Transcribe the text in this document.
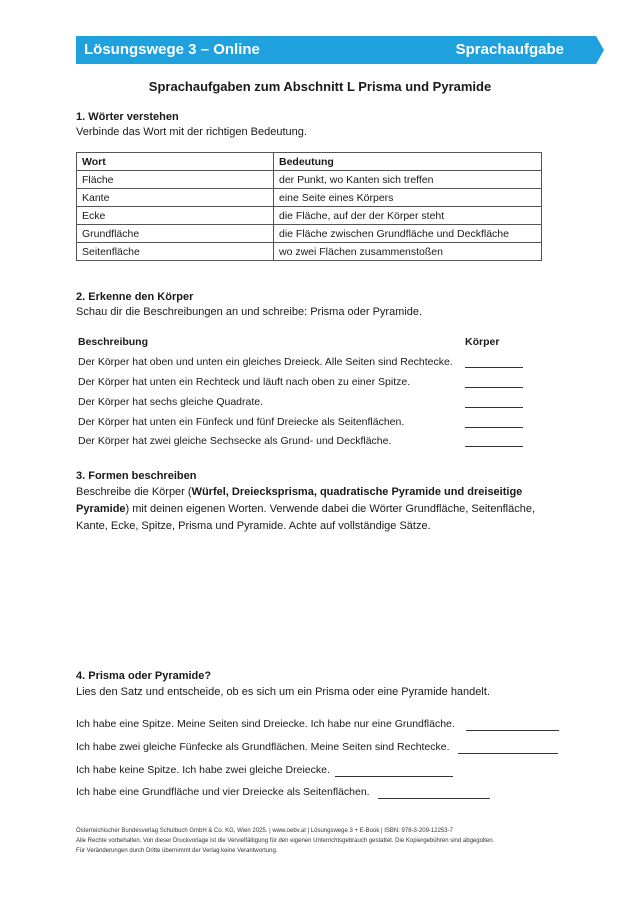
Lösungswege 3 – Online	Sprachaufgabe
Sprachaufgaben zum Abschnitt L Prisma und Pyramide
1. Wörter verstehen
Verbinde das Wort mit der richtigen Bedeutung.
Wort	Bedeutung
Fläche	der Punkt, wo Kanten sich treffen
Kante	eine Seite eines Körpers
Ecke	die Fläche, auf der der Körper steht
Grundfläche	die Fläche zwischen Grundfläche und Deckfläche
Seitenfläche	wo zwei Flächen zusammenstoßen
2. Erkenne den Körper
Schau dir die Beschreibungen an und schreibe: Prisma oder Pyramide.
Beschreibung	Körper
Der Körper hat oben und unten ein gleiches Dreieck. Alle Seiten sind Rechtecke.
Der Körper hat unten ein Rechteck und läuft nach oben zu einer Spitze.
Der Körper hat sechs gleiche Quadrate.
Der Körper hat unten ein Fünfeck und fünf Dreiecke als Seitenflächen.
Der Körper hat zwei gleiche Sechsecke als Grund- und Deckfläche.
3. Formen beschreiben
Beschreibe die Körper (Würfel, Dreiecksprisma, quadratische Pyramide und dreiseitige Pyramide) mit deinen eigenen Worten. Verwende dabei die Wörter Grundfläche, Seitenfläche, Kante, Ecke, Spitze, Prisma und Pyramide. Achte auf vollständige Sätze.
4. Prisma oder Pyramide?
Lies den Satz und entscheide, ob es sich um ein Prisma oder eine Pyramide handelt.
Ich habe eine Spitze. Meine Seiten sind Dreiecke. Ich habe nur eine Grundfläche.
Ich habe zwei gleiche Fünfecke als Grundflächen. Meine Seiten sind Rechtecke.
Ich habe keine Spitze. Ich habe zwei gleiche Dreiecke.
Ich habe eine Grundfläche und vier Dreiecke als Seitenflächen.
Österreichischer Bundesverlag Schulbuch GmbH & Co. KG, Wien 2025. | www.oebv.at | Lösungswege 3 + E-Book | ISBN: 978-3-209-12253-7
Alle Rechte vorbehalten. Von dieser Druckvorlage ist die Vervielfältigung für den eigenen Unterrichtsgebrauch gestattet. Die Kopiergebühren sind abgegolten.
Für Veränderungen durch Dritte übernimmt der Verlag keine Verantwortung.
